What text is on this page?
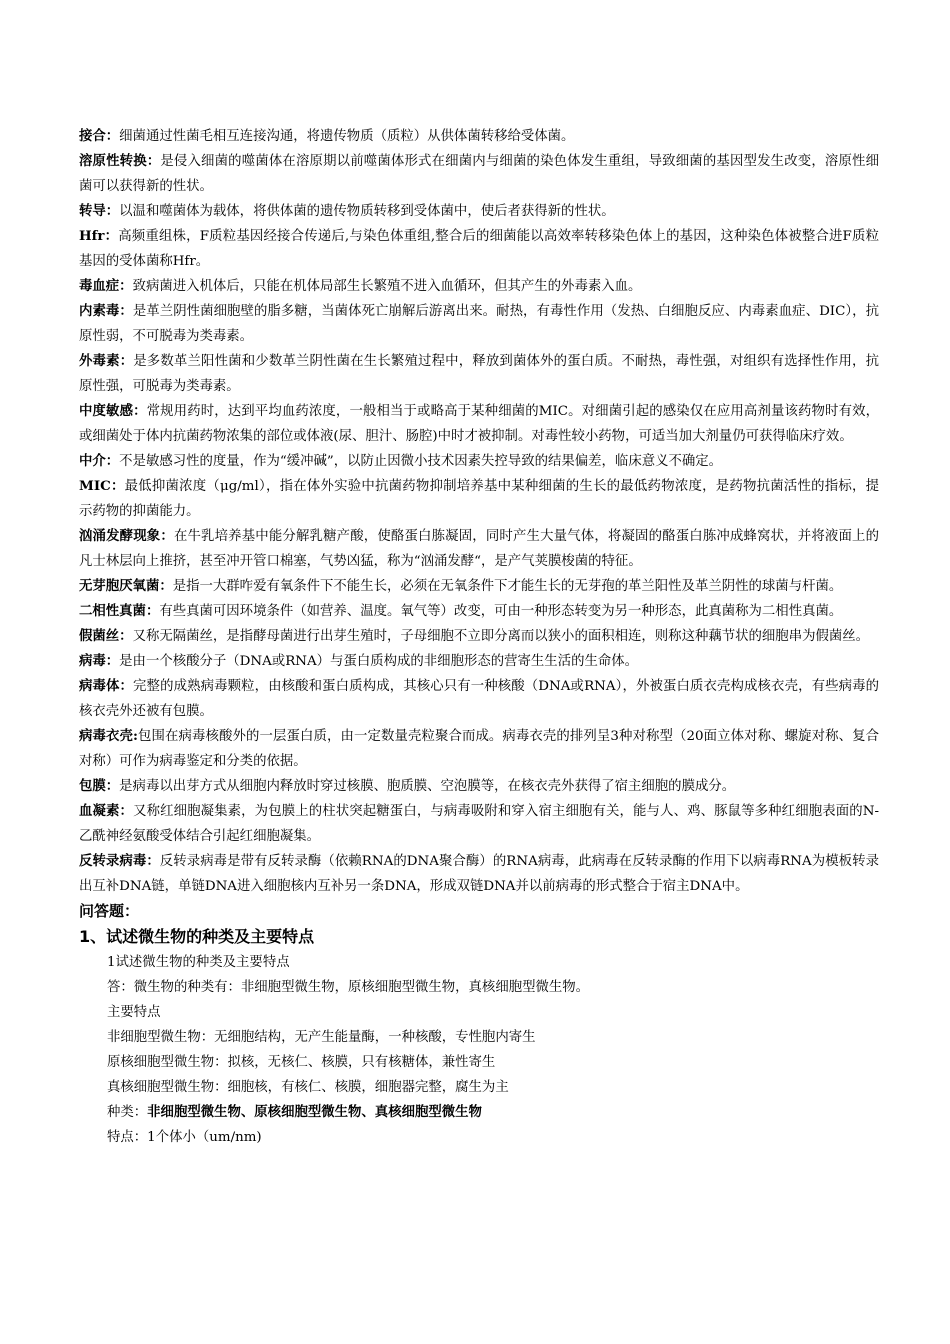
接合：细菌通过性菌毛相互连接沟通，将遗传物质（质粒）从供体菌转移给受体菌。

溶原性转换：是侵入细菌的噬菌体在溶原期以前噬菌体形式在细菌内与细菌的染色体发生重组，导致细菌的基因型发生改变，溶原性细菌可以获得新的性状。

转导：以温和噬菌体为载体，将供体菌的遗传物质转移到受体菌中，使后者获得新的性状。

Hfr：高频重组株，F质粒基因经接合传递后,与染色体重组,整合后的细菌能以高效率转移染色体上的基因，这种染色体被整合进F质粒基因的受体菌称Hfr。

毒血症：致病菌进入机体后，只能在机体局部生长繁殖不进入血循环，但其产生的外毒素入血。

内素毒：是革兰阴性菌细胞壁的脂多糖，当菌体死亡崩解后游离出来。耐热，有毒性作用（发热、白细胞反应、内毒素血症、DIC），抗原性弱，不可脱毒为类毒素。

外毒素：是多数革兰阳性菌和少数革兰阴性菌在生长繁殖过程中，释放到菌体外的蛋白质。不耐热，毒性强，对组织有选择性作用，抗原性强，可脱毒为类毒素。

中度敏感：常规用药时，达到平均血药浓度，一般相当于或略高于某种细菌的MIC。对细菌引起的感染仅在应用高剂量该药物时有效，或细菌处于体内抗菌药物浓集的部位或体液(尿、胆汁、肠腔)中时才被抑制。对毒性较小药物，可适当加大剂量仍可获得临床疗效。

中介：不是敏感习性的度量，作为“缓冲碱”，以防止因微小技术因素失控导致的结果偏差，临床意义不确定。

MIC：最低抑菌浓度（μg/ml），指在体外实验中抗菌药物抑制培养基中某种细菌的生长的最低药物浓度，是药物抗菌活性的指标，提示药物的抑菌能力。

汹涌发酵现象：在牛乳培养基中能分解乳糖产酸，使酪蛋白胨凝固，同时产生大量气体，将凝固的酪蛋白胨冲成蜂窝状，并将液面上的凡士林层向上推挤，甚至冲开管口棉塞，气势凶猛，称为“汹涌发酵“，是产气荚膜梭菌的特征。

无芽胞厌氧菌：是指一大群咋爱有氧条件下不能生长，必须在无氧条件下才能生长的无芽孢的革兰阳性及革兰阴性的球菌与杆菌。

二相性真菌：有些真菌可因环境条件（如营养、温度。氧气等）改变，可由一种形态转变为另一种形态，此真菌称为二相性真菌。

假菌丝：又称无隔菌丝，是指酵母菌进行出芽生殖时，子母细胞不立即分离而以狭小的面积相连，则称这种藕节状的细胞串为假菌丝。

病毒：是由一个核酸分子（DNA或RNA）与蛋白质构成的非细胞形态的营寄生生活的生命体。

病毒体：完整的成熟病毒颗粒，由核酸和蛋白质构成，其核心只有一种核酸（DNA或RNA），外被蛋白质衣壳构成核衣壳，有些病毒的核衣壳外还被有包膜。

病毒衣壳:包围在病毒核酸外的一层蛋白质，由一定数量壳粒聚合而成。病毒衣壳的排列呈3种对称型（20面立体对称、螺旋对称、复合对称）可作为病毒鉴定和分类的依据。

包膜：是病毒以出芽方式从细胞内释放时穿过核膜、胞质膜、空泡膜等，在核衣壳外获得了宿主细胞的膜成分。

血凝素：又称红细胞凝集素，为包膜上的柱状突起糖蛋白，与病毒吸附和穿入宿主细胞有关，能与人、鸡、豚鼠等多种红细胞表面的N-乙酰神经氨酸受体结合引起红细胞凝集。

反转录病毒：反转录病毒是带有反转录酶（依赖RNA的DNA聚合酶）的RNA病毒，此病毒在反转录酶的作用下以病毒RNA为模板转录出互补DNA链，单链DNA进入细胞核内互补另一条DNA，形成双链DNA并以前病毒的形式整合于宿主DNA中。

问答题：

1、试述微生物的种类及主要特点

1试述微生物的种类及主要特点

答：微生物的种类有：非细胞型微生物，原核细胞型微生物，真核细胞型微生物。

主要特点

非细胞型微生物：无细胞结构，无产生能量酶，一种核酸，专性胞内寄生

原核细胞型微生物：拟核，无核仁、核膜，只有核糖体，兼性寄生

真核细胞型微生物：细胞核，有核仁、核膜，细胞器完整，腐生为主

种类：非细胞型微生物、原核细胞型微生物、真核细胞型微生物

特点：1个体小（um/nm)
